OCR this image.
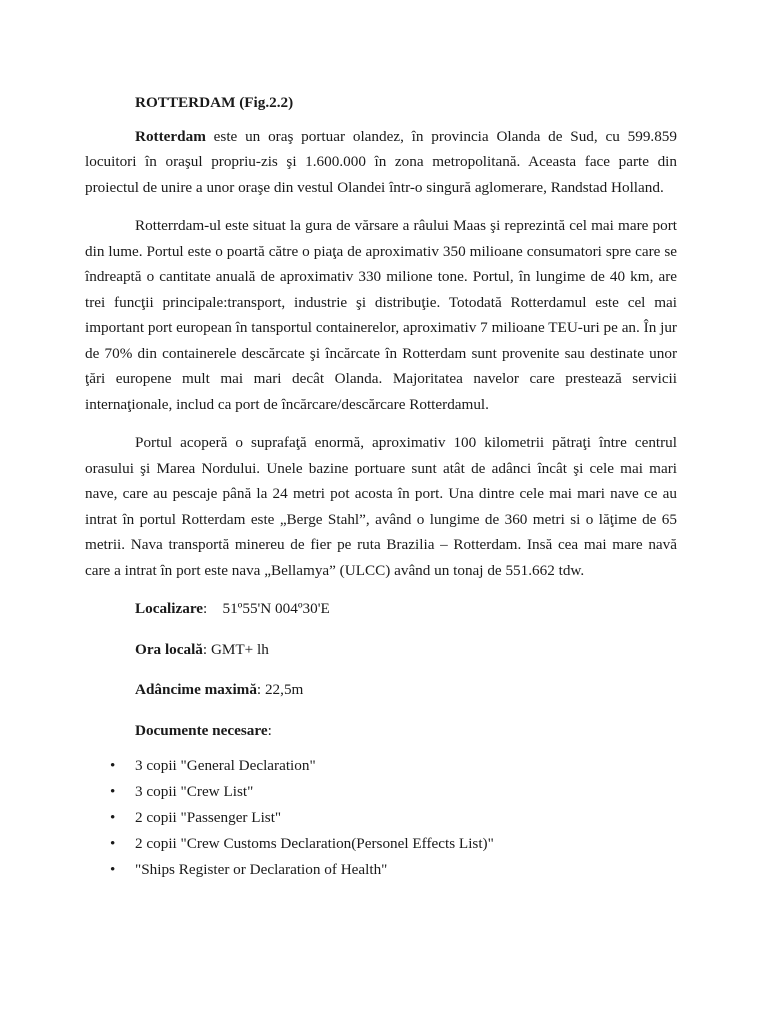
ROTTERDAM (Fig.2.2)

Rotterdam este un oraş portuar olandez, în provincia Olanda de Sud, cu 599.859 locuitori în oraşul propriu-zis şi 1.600.000 în zona metropolitană. Aceasta face parte din proiectul de unire a unor oraşe din vestul Olandei într-o singură aglomerare, Randstad Holland.

Rotterrdam-ul este situat la gura de vărsare a râului Maas şi reprezintă cel mai mare port din lume. Portul este o poartă către o piaţa de aproximativ 350 milioane consumatori spre care se îndreaptă o cantitate anuală de aproximativ 330 milione tone. Portul, în lungime de 40 km, are trei funcţii principale:transport, industrie şi distribuţie. Totodată Rotterdamul este cel mai important port european în tansportul containerelor, aproximativ 7 milioane TEU-uri pe an. În jur de 70% din containerele descărcate şi încărcate în Rotterdam sunt provenite sau destinate unor ţări europene mult mai mari decât Olanda. Majoritatea navelor care prestează servicii internaţionale, includ ca port de încărcare/descărcare Rotterdamul.

Portul acoperă o suprafaţă enormă, aproximativ 100 kilometrii pătraţi între centrul orasului şi Marea Nordului. Unele bazine portuare sunt atât de adânci încât şi cele mai mari nave, care au pescaje până la 24 metri pot acosta în port. Una dintre cele mai mari nave ce au intrat în portul Rotterdam este „Berge Stahl”, având o lungime de 360 metri si o lăţime de 65 metrii. Nava transportă minereu de fier pe ruta Brazilia – Rotterdam. Insă cea mai mare navă care a intrat în port este nava „Bellamya” (ULCC) având un tonaj de 551.662 tdw.

Localizare:    51º55'N 004º30'E

Ora locală: GMT+ lh

Adâncime maximă: 22,5m

Documente necesare:

• 3 copii "General Declaration"
• 3 copii "Crew List"
• 2 copii "Passenger List"
• 2 copii "Crew Customs Declaration(Personel Effects List)"
• "Ships Register or Declaration of Health"
